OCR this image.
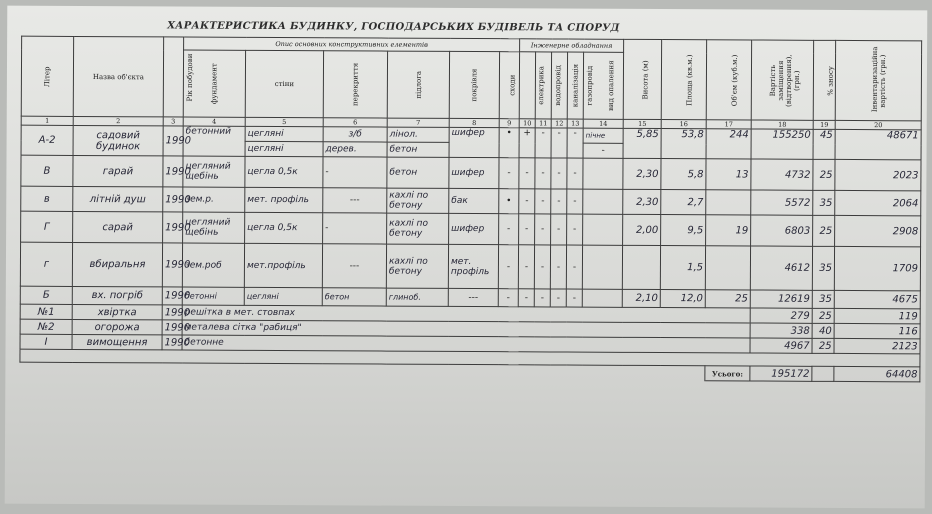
ХАРАКТЕРИСТИКА БУДИНКУ, ГОСПОДАРСЬКИХ БУДІВЕЛЬ ТА СПОРУД
Літер	Назва об'єкта	Рік побудови	Опис основних конструктивних елементів						Інженерне обладнання					Висота (м)	Площа (кв.м.)	Об'єм (куб.м.)	Вартість заміщення (відтворення), (грн.)	% зносу	Інвентаризаційна вартість (грн.)
			фундамент	стіни	перекриття	підлога	покрівля	сходи	електрика	водопровід	каналізація	газопровід	вид опалення						
1	2	3	4	5	6	7	8	9	10	11	12	13	14	15	16	17	18	19	20
А-2	садовий будинок	1990	бетонний	цегляні	з/б	лінол.	шифер	•	+	-	-	-	пічне	5,85	53,8	244	155250	45	48671
				цегляні	дерев.	бетон							-						
В	гарай	1990	цегляний щебінь	цегла 0,5к	-	бетон	шифер	-	-	-	-	-		2,30	5,8	13	4732	25	2023
в	літній душ	1990	зем.р.	мет. профіль	---	кахлі по бетону	бак	•	-	-	-	-		2,30	2,7		5572	35	2064
Г	сарай	1990	цегляний щебінь	цегла 0,5к	-	кахлі по бетону	шифер	-	-	-	-	-		2,00	9,5	19	6803	25	2908
г	вбиральня	1990	зем.роб	мет.профіль	---	кахлі по бетону	мет. профіль	-	-	-	-	-			1,5		4612	35	1709
Б	вх. погріб	1990	бетонні	цегляні	бетон	глиноб.	---	-	-	-	-	-		2,10	12,0	25	12619	35	4675
№1	хвіртка	1990	решітка в мет. стовпах														279	25	119
№2	огорожа	1990	металева сітка "рабиця"														338	40	116
І	вимощення	1990	бетонне														4967	25	2123

																Усього:	195172		64408
